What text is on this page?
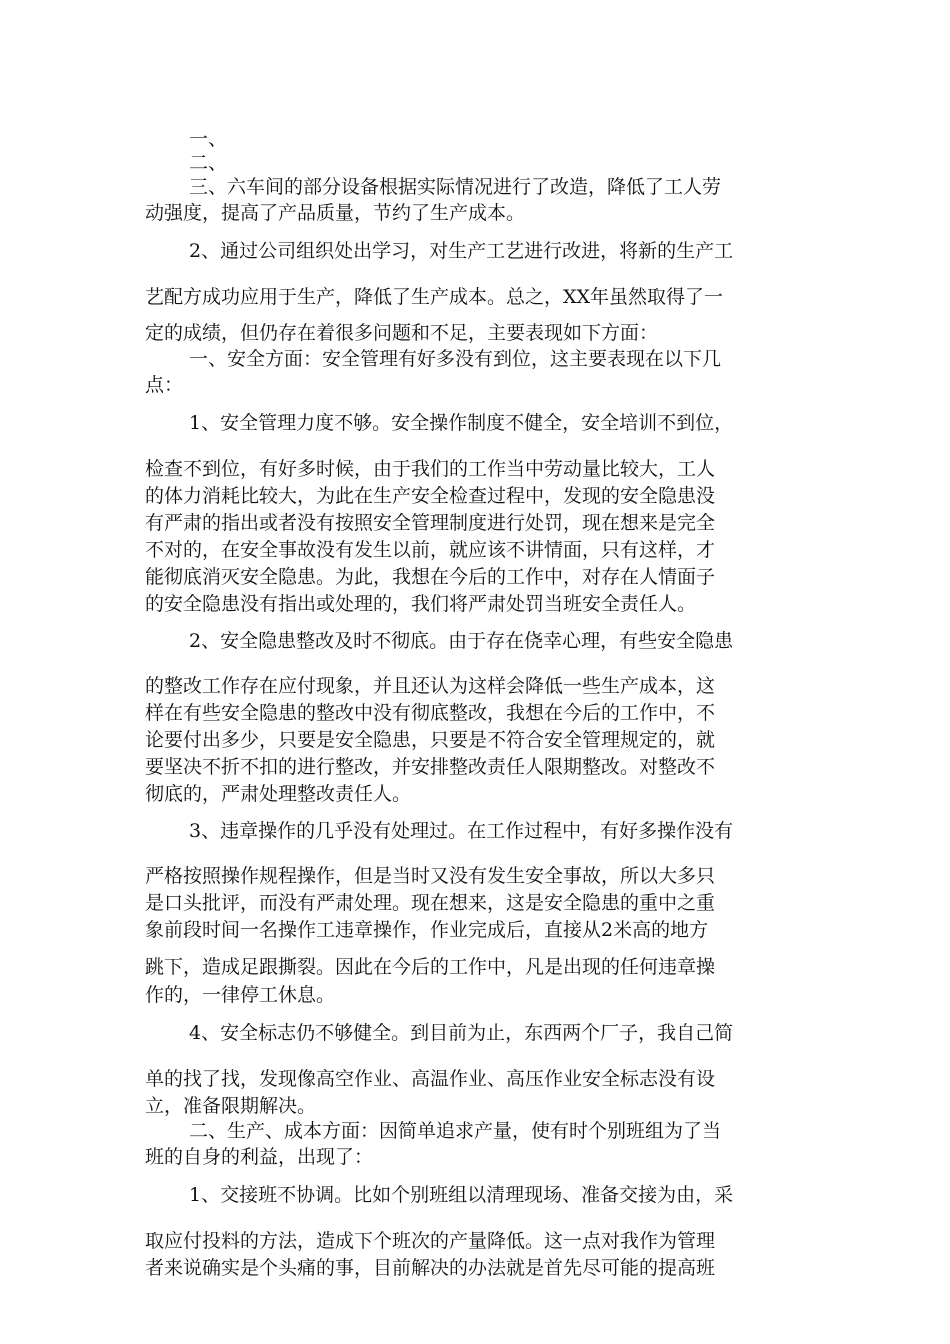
一、

二、

三、六车间的部分设备根据实际情况进行了改造，降低了工人劳

动强度，提高了产品质量，节约了生产成本。

2、通过公司组织处出学习，对生产工艺进行改进，将新的生产工

艺配方成功应用于生产，降低了生产成本。总之，XX年虽然取得了一

定的成绩，但仍存在着很多问题和不足，主要表现如下方面：

一、安全方面：安全管理有好多没有到位，这主要表现在以下几

点：

1、安全管理力度不够。安全操作制度不健全，安全培训不到位，

检查不到位，有好多时候，由于我们的工作当中劳动量比较大，工人

的体力消耗比较大，为此在生产安全检查过程中，发现的安全隐患没

有严肃的指出或者没有按照安全管理制度进行处罚，现在想来是完全

不对的，在安全事故没有发生以前，就应该不讲情面，只有这样，才

能彻底消灭安全隐患。为此，我想在今后的工作中，对存在人情面子

的安全隐患没有指出或处理的，我们将严肃处罚当班安全责任人。

2、安全隐患整改及时不彻底。由于存在侥幸心理，有些安全隐患

的整改工作存在应付现象，并且还认为这样会降低一些生产成本，这

样在有些安全隐患的整改中没有彻底整改，我想在今后的工作中，不

论要付出多少，只要是安全隐患，只要是不符合安全管理规定的，就

要坚决不折不扣的进行整改，并安排整改责任人限期整改。对整改不

彻底的，严肃处理整改责任人。

3、违章操作的几乎没有处理过。在工作过程中，有好多操作没有

严格按照操作规程操作，但是当时又没有发生安全事故，所以大多只

是口头批评，而没有严肃处理。现在想来，这是安全隐患的重中之重

象前段时间一名操作工违章操作，作业完成后，直接从2米高的地方

跳下，造成足跟撕裂。因此在今后的工作中，凡是出现的任何违章操

作的，一律停工休息。

4、安全标志仍不够健全。到目前为止，东西两个厂子，我自己简

单的找了找，发现像高空作业、高温作业、高压作业安全标志没有设

立，准备限期解决。

二、生产、成本方面：因简单追求产量，使有时个别班组为了当

班的自身的利益，出现了：

1、交接班不协调。比如个别班组以清理现场、准备交接为由，采

取应付投料的方法，造成下个班次的产量降低。这一点对我作为管理

者来说确实是个头痛的事，目前解决的办法就是首先尽可能的提高班
